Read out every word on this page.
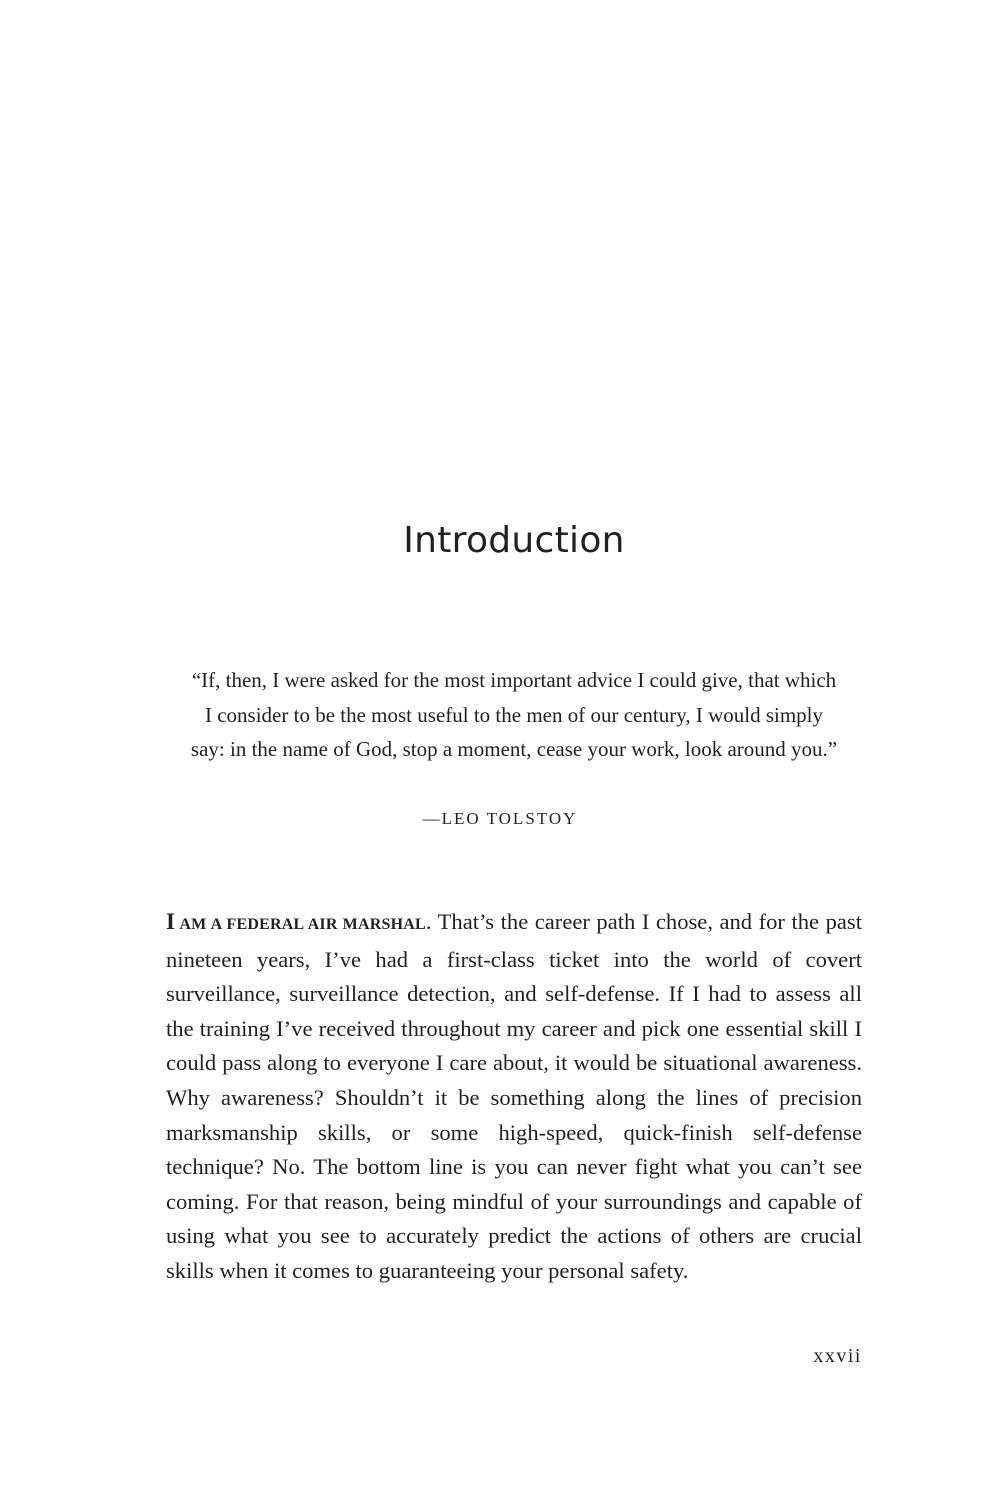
Introduction

“If, then, I were asked for the most important advice I could give, that which I consider to be the most useful to the men of our century, I would simply say: in the name of God, stop a moment, cease your work, look around you.”

—LEO TOLSTOY

I AM A FEDERAL AIR MARSHAL. That’s the career path I chose, and for the past nineteen years, I’ve had a first-class ticket into the world of covert surveillance, surveillance detection, and self-defense. If I had to assess all the training I’ve received throughout my career and pick one essential skill I could pass along to everyone I care about, it would be situational awareness. Why awareness? Shouldn’t it be something along the lines of precision marksmanship skills, or some high-speed, quick-finish self-defense technique? No. The bottom line is you can never fight what you can’t see coming. For that reason, being mindful of your surroundings and capable of using what you see to accurately predict the actions of others are crucial skills when it comes to guaranteeing your personal safety.

xxvii
